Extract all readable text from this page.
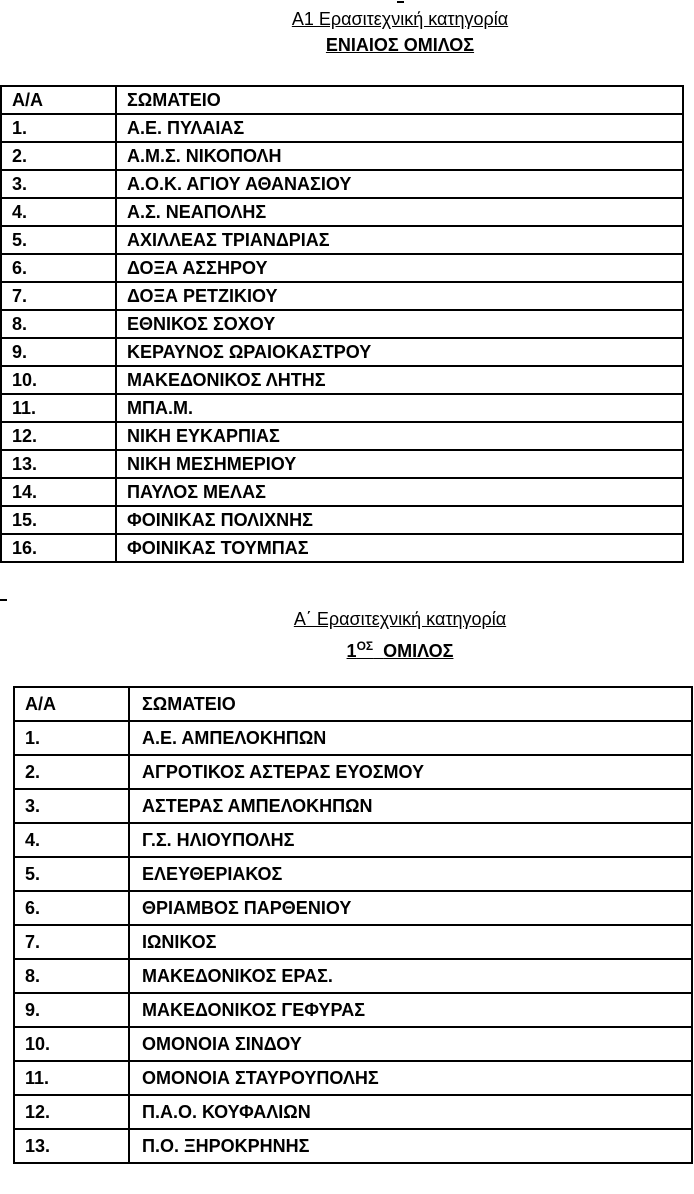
Α1 Ερασιτεχνική κατηγορία
ΕΝΙΑΙΟΣ ΟΜΙΛΟΣ
Α/Α	ΣΩΜΑΤΕΙΟ
1.	Α.Ε. ΠΥΛΑΙΑΣ
2.	Α.Μ.Σ. ΝΙΚΟΠΟΛΗ
3.	Α.Ο.Κ. ΑΓΙΟΥ ΑΘΑΝΑΣΙΟΥ
4.	Α.Σ. ΝΕΑΠΟΛΗΣ
5.	ΑΧΙΛΛΕΑΣ ΤΡΙΑΝΔΡΙΑΣ
6.	ΔΟΞΑ ΑΣΣΗΡΟΥ
7.	ΔΟΞΑ ΡΕΤΖΙΚΙΟΥ
8.	ΕΘΝΙΚΟΣ ΣΟΧΟΥ
9.	ΚΕΡΑΥΝΟΣ ΩΡΑΙΟΚΑΣΤΡΟΥ
10.	ΜΑΚΕΔΟΝΙΚΟΣ ΛΗΤΗΣ
11.	ΜΠΑ.Μ.
12.	ΝΙΚΗ ΕΥΚΑΡΠΙΑΣ
13.	ΝΙΚΗ ΜΕΣΗΜΕΡΙΟΥ
14.	ΠΑΥΛΟΣ ΜΕΛΑΣ
15.	ΦΟΙΝΙΚΑΣ ΠΟΛΙΧΝΗΣ
16.	ΦΟΙΝΙΚΑΣ ΤΟΥΜΠΑΣ
Α΄ Ερασιτεχνική κατηγορία
$1^{O\Sigma}$ ΟΜΙΛΟΣ
Α/Α	ΣΩΜΑΤΕΙΟ
1.	Α.Ε. ΑΜΠΕΛΟΚΗΠΩΝ
2.	ΑΓΡΟΤΙΚΟΣ ΑΣΤΕΡΑΣ ΕΥΟΣΜΟΥ
3.	ΑΣΤΕΡΑΣ ΑΜΠΕΛΟΚΗΠΩΝ
4.	Γ.Σ. ΗΛΙΟΥΠΟΛΗΣ
5.	ΕΛΕΥΘΕΡΙΑΚΟΣ
6.	ΘΡΙΑΜΒΟΣ ΠΑΡΘΕΝΙΟΥ
7.	ΙΩΝΙΚΟΣ
8.	ΜΑΚΕΔΟΝΙΚΟΣ ΕΡΑΣ.
9.	ΜΑΚΕΔΟΝΙΚΟΣ ΓΕΦΥΡΑΣ
10.	ΟΜΟΝΟΙΑ ΣΙΝΔΟΥ
11.	ΟΜΟΝΟΙΑ ΣΤΑΥΡΟΥΠΟΛΗΣ
12.	Π.Α.Ο. ΚΟΥΦΑΛΙΩΝ
13.	Π.Ο. ΞΗΡΟΚΡΗΝΗΣ
